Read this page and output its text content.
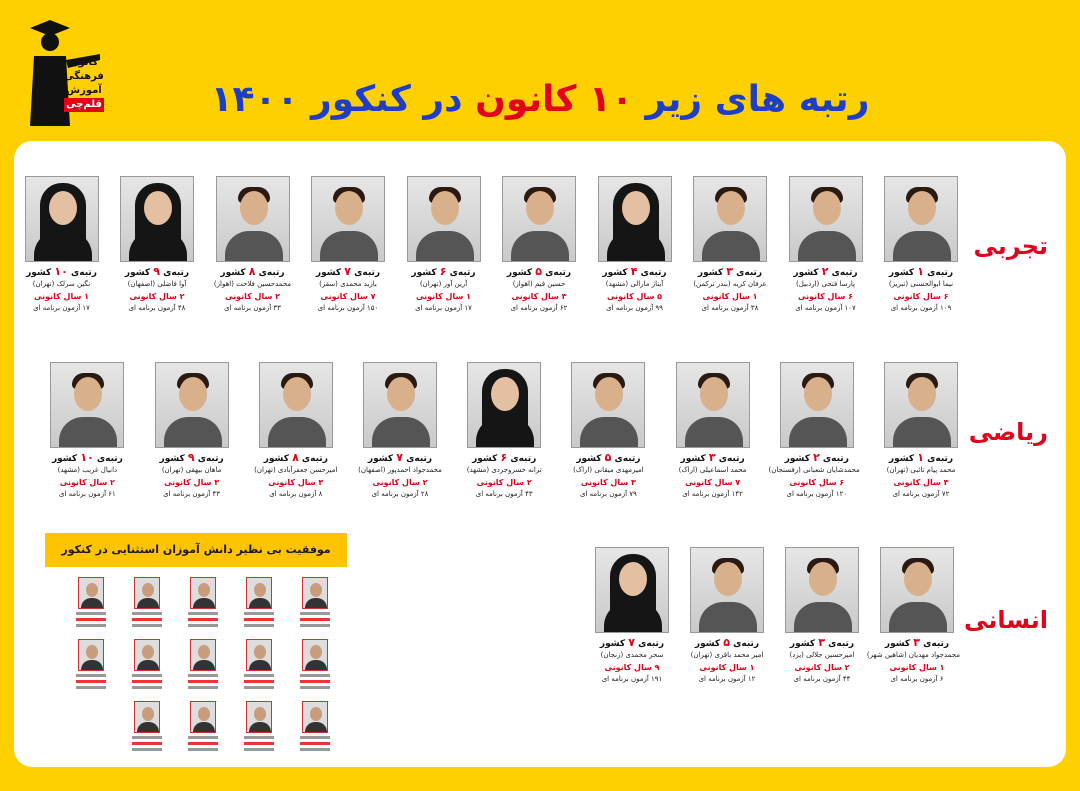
کانون
فرهنگی
آموزش
قلم‌چی	رتبه های زیر ۱۰ کانون در کنکور ۱۴۰۰
رتبه‌ی ۱ کشور
نیما ابوالحسنی (تبریز)
۶ سال کانونی
۱۰۹ آزمون برنامه ای
رتبه‌ی ۲ کشور
پارسا فتحی (اردبیل)
۶ سال کانونی
۱۰۷ آزمون برنامه ای
رتبه‌ی ۳ کشور
عرفان کریه (بندر ترکمن)
۱ سال کانونی
۳۸ آزمون برنامه ای
رتبه‌ی ۴ کشور
آیناز مارالی (مشهد)
۵ سال کانونی
۹۹ آزمون برنامه ای
رتبه‌ی ۵ کشور
حسین قیم (اهواز)
۳ سال کانونی
۶۲ آزمون برنامه ای
رتبه‌ی ۶ کشور
آرین آور (تهران)
۱ سال کانونی
۱۷ آزمون برنامه ای
رتبه‌ی ۷ کشور
یازید محمدی (سقز)
۷ سال کانونی
۱۵۰ آزمون برنامه ای
رتبه‌ی ۸ کشور
محمدحسین فلاحت (اهواز)
۲ سال کانونی
۳۳ آزمون برنامه ای
رتبه‌ی ۹ کشور
آوا فاضلی (اصفهان)
۲ سال کانونی
۴۸ آزمون برنامه ای
رتبه‌ی ۱۰ کشور
نگین سرلک (تهران)
۱ سال کانونی
۱۷ آزمون برنامه ای
رتبه‌ی ۱ کشور
محمد پیام تائبی (تهران)
۳ سال کانونی
۷۲ آزمون برنامه ای
رتبه‌ی ۲ کشور
محمدشایان شعبانی (رفسنجان)
۶ سال کانونی
۱۲۰ آزمون برنامه ای
رتبه‌ی ۳ کشور
محمد اسماعیلی (اراک)
۷ سال کانونی
۱۴۲ آزمون برنامه ای
رتبه‌ی ۵ کشور
امیرمهدی میقانی (اراک)
۳ سال کانونی
۷۹ آزمون برنامه ای
رتبه‌ی ۶ کشور
ترانه خسروجردی (مشهد)
۲ سال کانونی
۴۳ آزمون برنامه ای
رتبه‌ی ۷ کشور
محمدجواد احمدپور (اصفهان)
۲ سال کانونی
۲۸ آزمون برنامه ای
رتبه‌ی ۸ کشور
امیرحسن جعفرآبادی (تهران)
۳ سال کانونی
۸ آزمون برنامه ای
رتبه‌ی ۹ کشور
ماهان بیهقی (تهران)
۳ سال کانونی
۴۳ آزمون برنامه ای
رتبه‌ی ۱۰ کشور
دانیال غریب (مشهد)
۲ سال کانونی
۶۱ آزمون برنامه ای
رتبه‌ی ۳ کشور
محمدجواد مهدیان (شاهین شهر)
۱ سال کانونی
۶ آزمون برنامه ای
رتبه‌ی ۳ کشور
امیرحسین جلالی (یزد)
۲ سال کانونی
۴۴ آزمون برنامه ای
رتبه‌ی ۵ کشور
امیر محمد باقری (تهران)
۱ سال کانونی
۱۲ آزمون برنامه ای
رتبه‌ی ۷ کشور
سحر محمدی (زنجان)
۹ سال کانونی
۱۹۱ آزمون برنامه ای
موفقیت بی نظیر دانش آموزان استثنایی در کنکور
تجربی
ریاضی
انسانی
